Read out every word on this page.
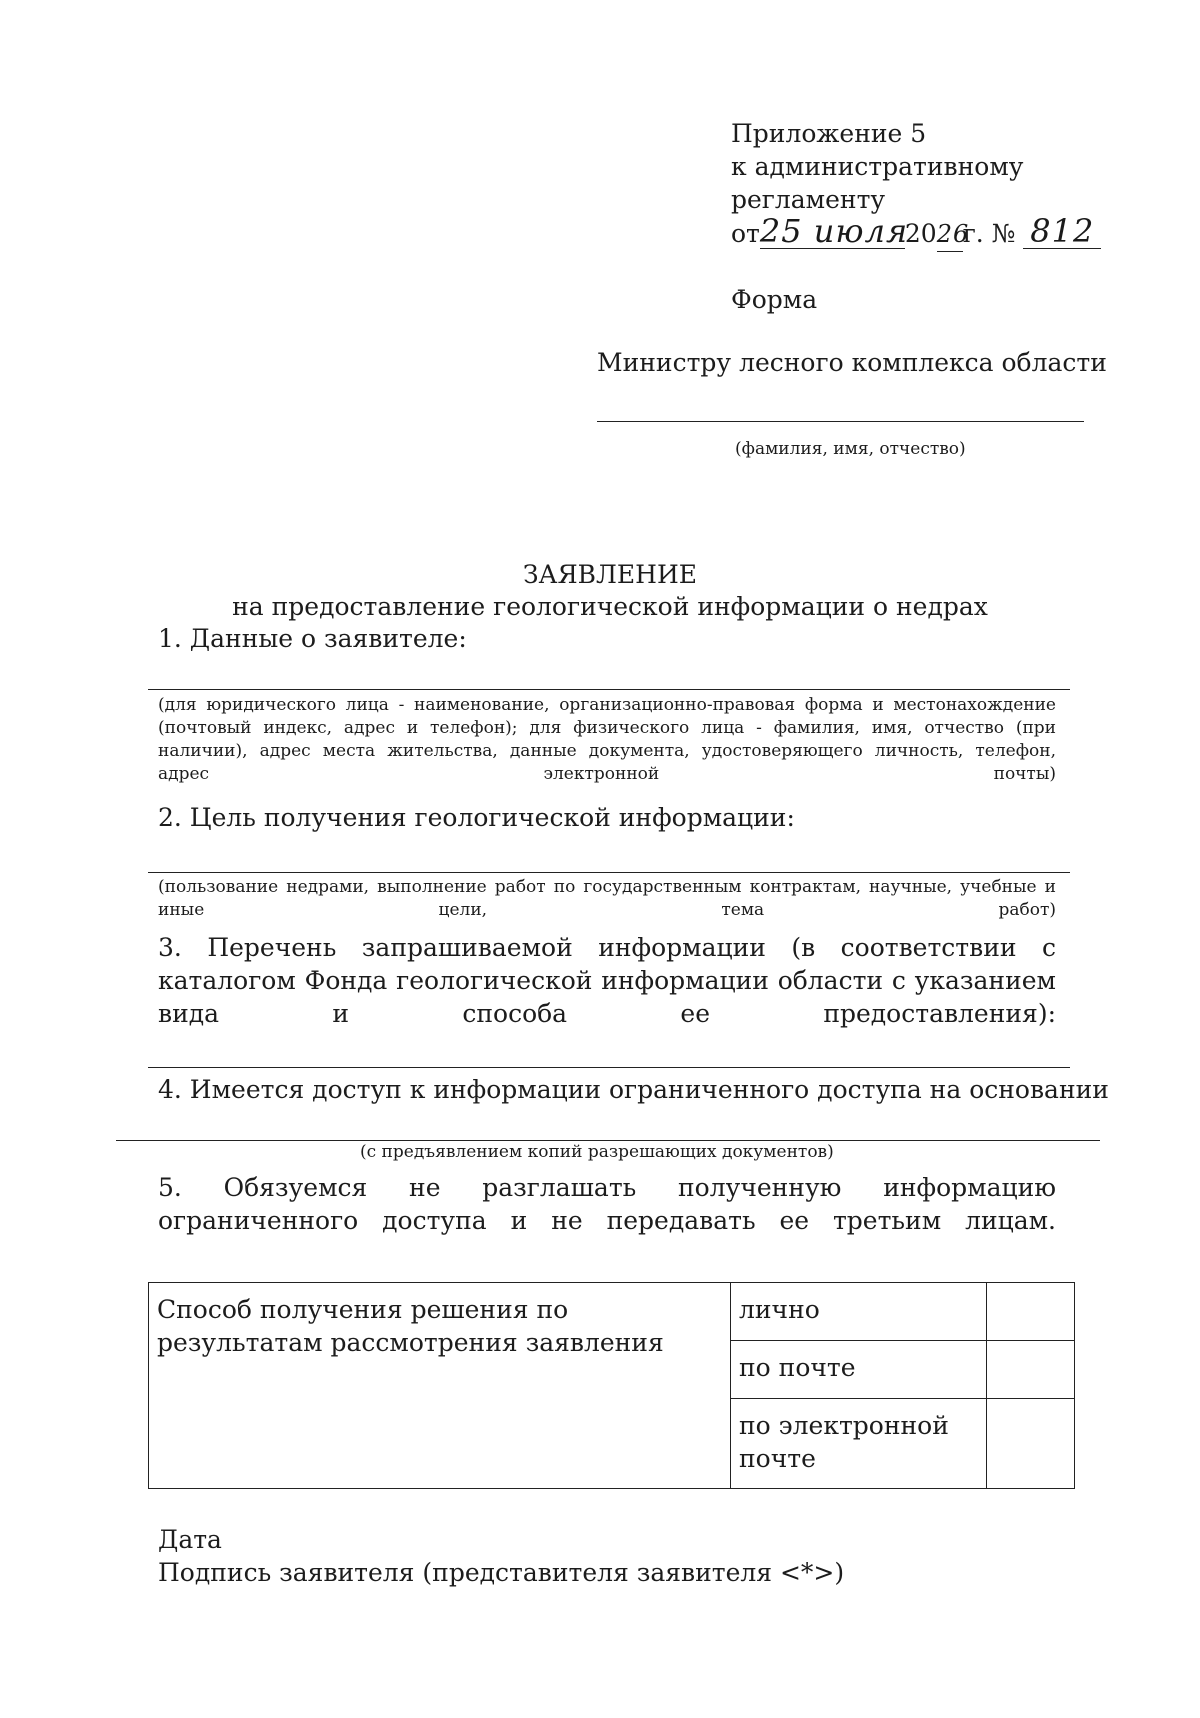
Приложение 5
к административному
регламенту
от25 июля2026г. № 812
Форма
Министру лесного комплекса области
(фамилия, имя, отчество)
ЗАЯВЛЕНИЕ
на предоставление геологической информации о недрах
1. Данные о заявителе:
(для юридического лица - наименование, организационно-правовая форма и местонахождение (почтовый индекс, адрес и телефон); для физического лица - фамилия, имя, отчество (при наличии), адрес места жительства, данные документа, удостоверяющего личность, телефон, адрес электронной почты)
2. Цель получения геологической информации:
(пользование недрами, выполнение работ по государственным контрактам, научные, учебные и иные цели, тема работ)
3. Перечень запрашиваемой информации (в соответствии с каталогом Фонда геологической информации области с указанием вида и способа ее предоставления):
4. Имеется доступ к информации ограниченного доступа на основании
(с предъявлением копий разрешающих документов)
5. Обязуемся не разглашать полученную информацию ограниченного доступа и не передавать ее третьим лицам.
Способ получения решения по результатам рассмотрения заявления	лично	
	по почте	
	по электронной почте	
Дата
Подпись заявителя (представителя заявителя <*>)
